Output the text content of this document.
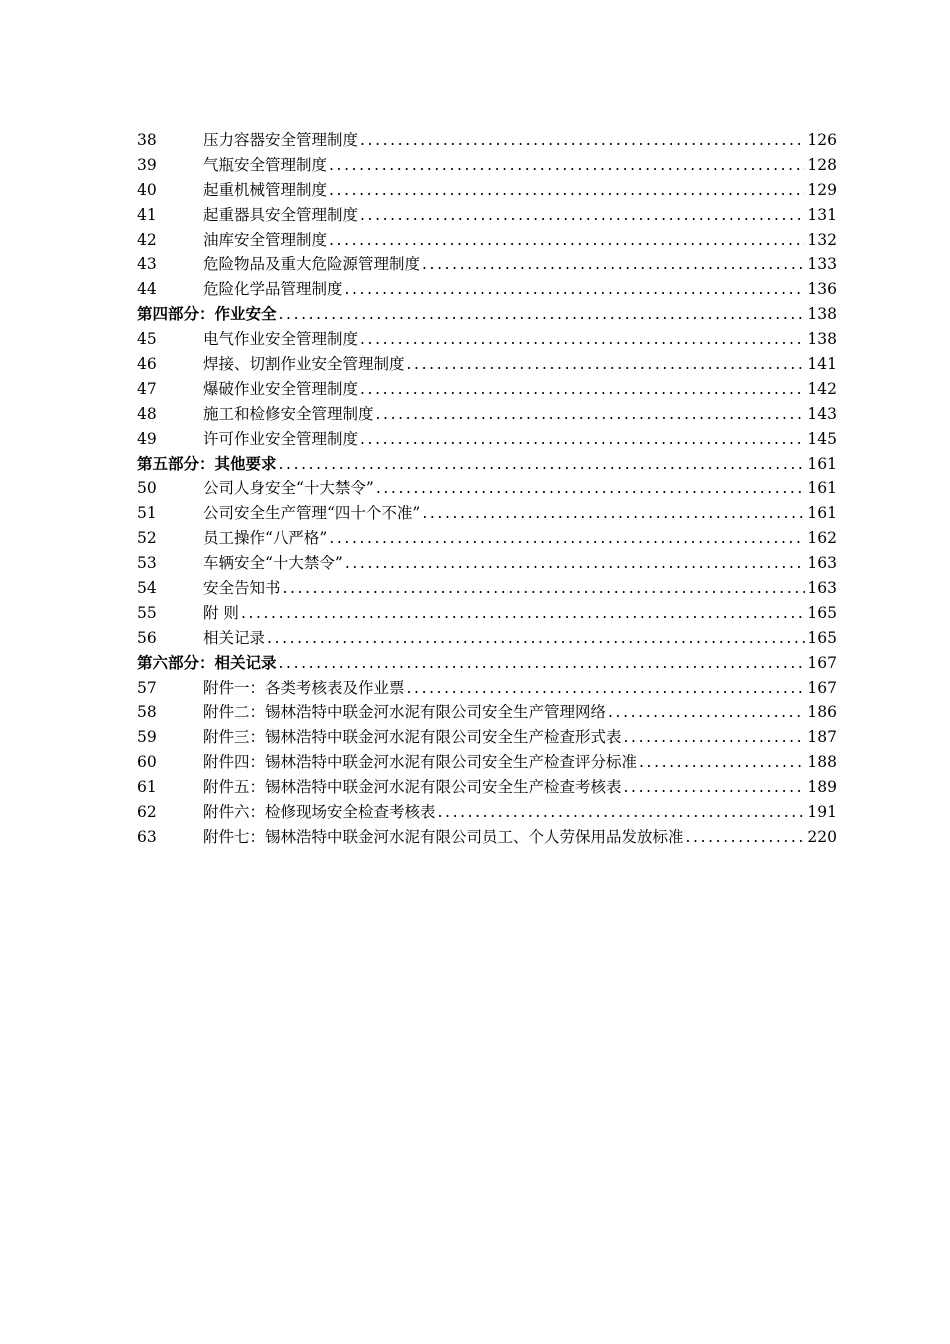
38	压力容器安全管理制度 .....	126
39	气瓶安全管理制度 .....	128
40	起重机械管理制度 .....	129
41	起重器具安全管理制度 .....	131
42	油库安全管理制度 .....	132
43	危险物品及重大危险源管理制度 .....	133
44	危险化学品管理制度 .....	136
第四部分：作业安全 .....	138
45	电气作业安全管理制度 .....	138
46	焊接、切割作业安全管理制度 .....	141
47	爆破作业安全管理制度 .....	142
48	施工和检修安全管理制度 .....	143
49	许可作业安全管理制度 .....	145
第五部分：其他要求 .....	161
50	公司人身安全“十大禁令” .....	161
51	公司安全生产管理“四十个不准” .....	161
52	员工操作“八严格” .....	162
53	车辆安全“十大禁令” .....	163
54	安全告知书 .....	163
55	附 则 .....	165
56	相关记录 .....	165
第六部分：相关记录 .....	167
57	附件一：各类考核表及作业票 .....	167
58	附件二：锡林浩特中联金河水泥有限公司安全生产管理网络 .....	186
59	附件三：锡林浩特中联金河水泥有限公司安全生产检查形式表 .....	187
60	附件四：锡林浩特中联金河水泥有限公司安全生产检查评分标准 .....	188
61	附件五：锡林浩特中联金河水泥有限公司安全生产检查考核表 .....	189
62	附件六：检修现场安全检查考核表 .....	191
63	附件七：锡林浩特中联金河水泥有限公司员工、个人劳保用品发放标准 .....	220
